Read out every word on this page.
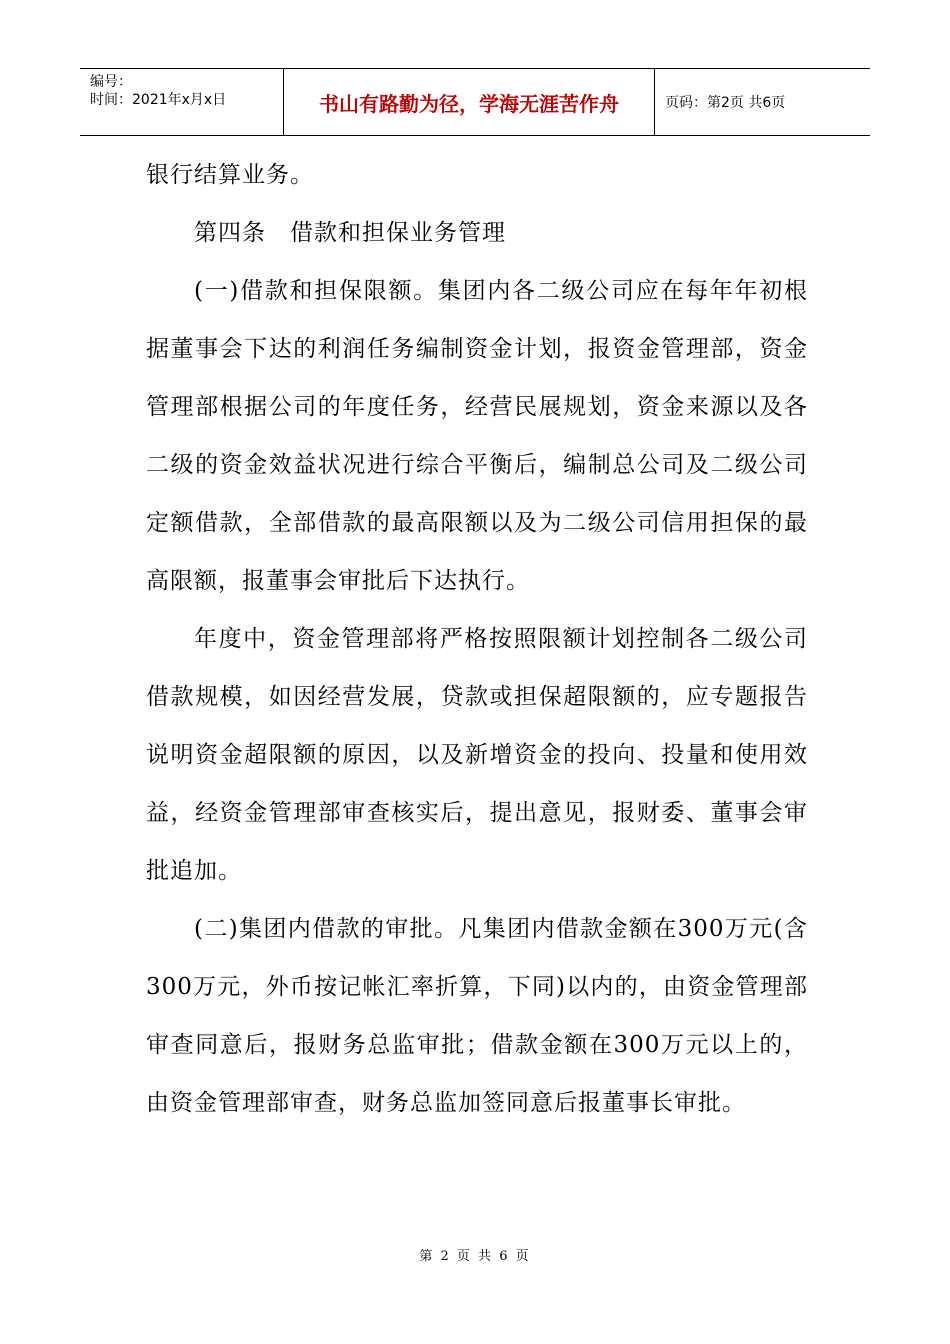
编号：
时间：2021年x月x日	书山有路勤为径，学海无涯苦作舟	页码：第2页 共6页

银行结算业务。

第四条　借款和担保业务管理

(一)借款和担保限额。集团内各二级公司应在每年年初根据董事会下达的利润任务编制资金计划，报资金管理部，资金管理部根据公司的年度任务，经营民展规划，资金来源以及各二级的资金效益状况进行综合平衡后，编制总公司及二级公司定额借款，全部借款的最高限额以及为二级公司信用担保的最高限额，报董事会审批后下达执行。

年度中，资金管理部将严格按照限额计划控制各二级公司借款规模，如因经营发展，贷款或担保超限额的，应专题报告说明资金超限额的原因，以及新增资金的投向、投量和使用效益，经资金管理部审查核实后，提出意见，报财委、董事会审批追加。

(二)集团内借款的审批。凡集团内借款金额在300万元(含300万元，外币按记帐汇率折算，下同)以内的，由资金管理部审查同意后，报财务总监审批；借款金额在300万元以上的，由资金管理部审查，财务总监加签同意后报董事长审批。

第 2 页 共 6 页
